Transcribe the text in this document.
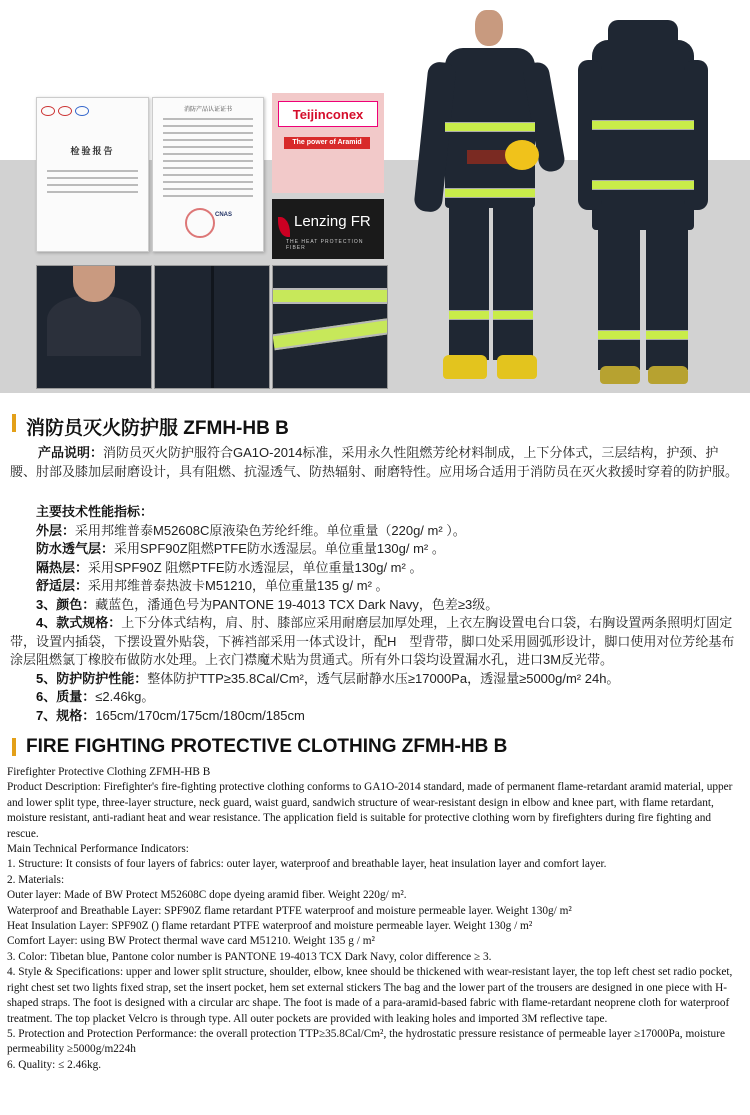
检验报告
消防产品认证证书
CNAS
Teijinconex
The power of Aramid
Lenzing FR
THE HEAT PROTECTION FIBER
消防员灭火防护服 ZFMH-HB B

产品说明：消防员灭火防护服符合GA1O-2014标准，采用永久性阻燃芳纶材料制成，上下分体式，三层结构，护颈、护腰、肘部及膝加层耐磨设计，具有阻燃、抗湿透气、防热辐射、耐磨特性。应用场合适用于消防员在灭火救援时穿着的防护服。

主要技术性能指标：

外层：采用邦维普泰M52608C原液染色芳纶纤维。单位重量（220g/ m² ）。

防水透气层：采用SPF90Z阻燃PTFE防水透湿层。单位重量130g/ m² 。

隔热层：采用SPF90Z 阻燃PTFE防水透湿层，单位重量130g/ m² 。

舒适层：采用邦维普泰热波卡M51210，单位重量135 g/ m² 。

3、颜色：藏蓝色，潘通色号为PANTONE 19-4013 TCX Dark Navy，色差≥3级。

4、款式规格：上下分体式结构，肩、肘、膝部应采用耐磨层加厚处理，上衣左胸设置电台口袋，右胸设置两条照明灯固定带，设置内插袋，下摆设置外贴袋，下裤裆部采用一体式设计，配H　型背带，脚口处采用圆弧形设计，脚口使用对位芳纶基布涂层阻燃氯丁橡胶布做防水处理。上衣门襟魔术贴为贯通式。所有外口袋均设置漏水孔，进口3M反光带。

5、防护防护性能：整体防护TTP≥35.8Cal/Cm²，透气层耐静水压≥17000Pa，透湿量≥5000g/m² 24h。

6、质量：≤2.46kg。

7、规格：165cm/170cm/175cm/180cm/185cm

FIRE FIGHTING PROTECTIVE CLOTHING ZFMH-HB B

Firefighter Protective Clothing ZFMH-HB B

Product Description: Firefighter's fire-fighting protective clothing conforms to GA1O-2014 standard, made of permanent flame-retardant aramid material, upper and lower split type, three-layer structure, neck guard, waist guard, sandwich structure of wear-resistant design in elbow and knee part, with flame retardant, moisture resistant, anti-radiant heat and wear resistance. The application field is suitable for protective clothing worn by firefighters during fire fighting and rescue.

Main Technical Performance Indicators:

1. Structure: It consists of four layers of fabrics: outer layer, waterproof and breathable layer, heat insulation layer and comfort layer.

2. Materials:

Outer layer: Made of BW Protect M52608C dope dyeing aramid fiber. Weight 220g/ m².

Waterproof and Breathable Layer: SPF90Z flame retardant PTFE waterproof and moisture permeable layer. Weight 130g/ m²

Heat Insulation Layer: SPF90Z () flame retardant PTFE waterproof and moisture permeable layer. Weight 130g / m²

Comfort Layer: using BW Protect thermal wave card M51210. Weight 135 g / m²

3. Color: Tibetan blue, Pantone color number is PANTONE 19-4013 TCX Dark Navy, color difference ≥ 3.

4. Style & Specifications: upper and lower split structure, shoulder, elbow, knee should be thickened with wear-resistant layer, the top left chest set radio pocket, right chest set two lights fixed strap, set the insert pocket, hem set external stickers The bag and the lower part of the trousers are designed in one piece with H-shaped straps. The foot is designed with a circular arc shape. The foot is made of a para-aramid-based fabric with flame-retardant neoprene cloth for waterproof treatment. The top placket Velcro is through type. All outer pockets are provided with leaking holes and imported 3M reflective tape.

5. Protection and Protection Performance: the overall protection TTP≥35.8Cal/Cm², the hydrostatic pressure resistance of permeable layer ≥17000Pa, moisture permeability ≥5000g/m224h

6. Quality: ≤ 2.46kg.
